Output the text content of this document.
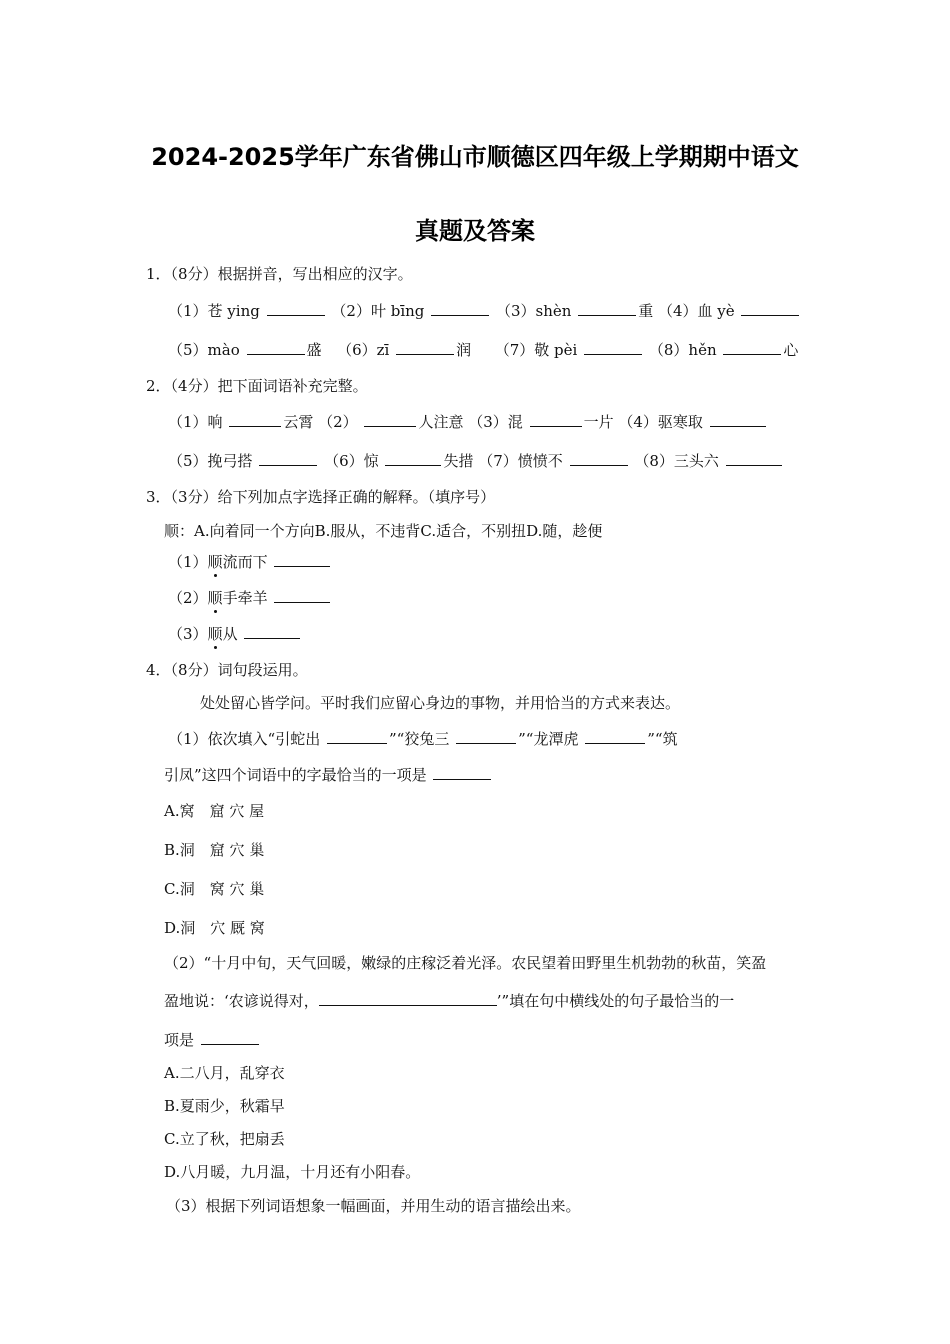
2024-2025学年广东省佛山市顺德区四年级上学期期中语文
真题及答案
1．（8分）根据拼音，写出相应的汉字。
（1）苍 ying	（2）叶 bīng	（3）shèn	重 （4）血 yè
（5）mào	盛 （6）zī	润 （7）敬 pèi	（8）hěn	心
2．（4分）把下面词语补充完整。
（1）响	云霄 （2）	人注意 （3）混	一片 （4）驱寒取
（5）挽弓搭	（6）惊	失措 （7）愤愤不	（8）三头六
3．（3分）给下列加点字选择正确的解释。（填序号）
顺：A.向着同一个方向B.服从，不违背C.适合，不别扭D.随，趁便
（1）顺流而下
（2）顺手牵羊
（3）顺从
4．（8分）词句段运用。
处处留心皆学问。平时我们应留心身边的事物，并用恰当的方式来表达。
（1）依次填入“引蛇出	”“狡兔三	”“龙潭虎	”“筑
引凤”这四个词语中的字最恰当的一项是
A.窝　窟 穴 屋
B.洞　窟 穴 巢
C.洞　窝 穴 巢
D.洞　穴 厩 窝
（2）“十月中旬，天气回暖，嫩绿的庄稼泛着光泽。农民望着田野里生机勃勃的秋苗，笑盈
盈地说：‘农谚说得对，	’”填在句中横线处的句子最恰当的一
项是
A.二八月，乱穿衣
B.夏雨少，秋霜早
C.立了秋，把扇丢
D.八月暖，九月温，十月还有小阳春。
（3）根据下列词语想象一幅画面，并用生动的语言描绘出来。
